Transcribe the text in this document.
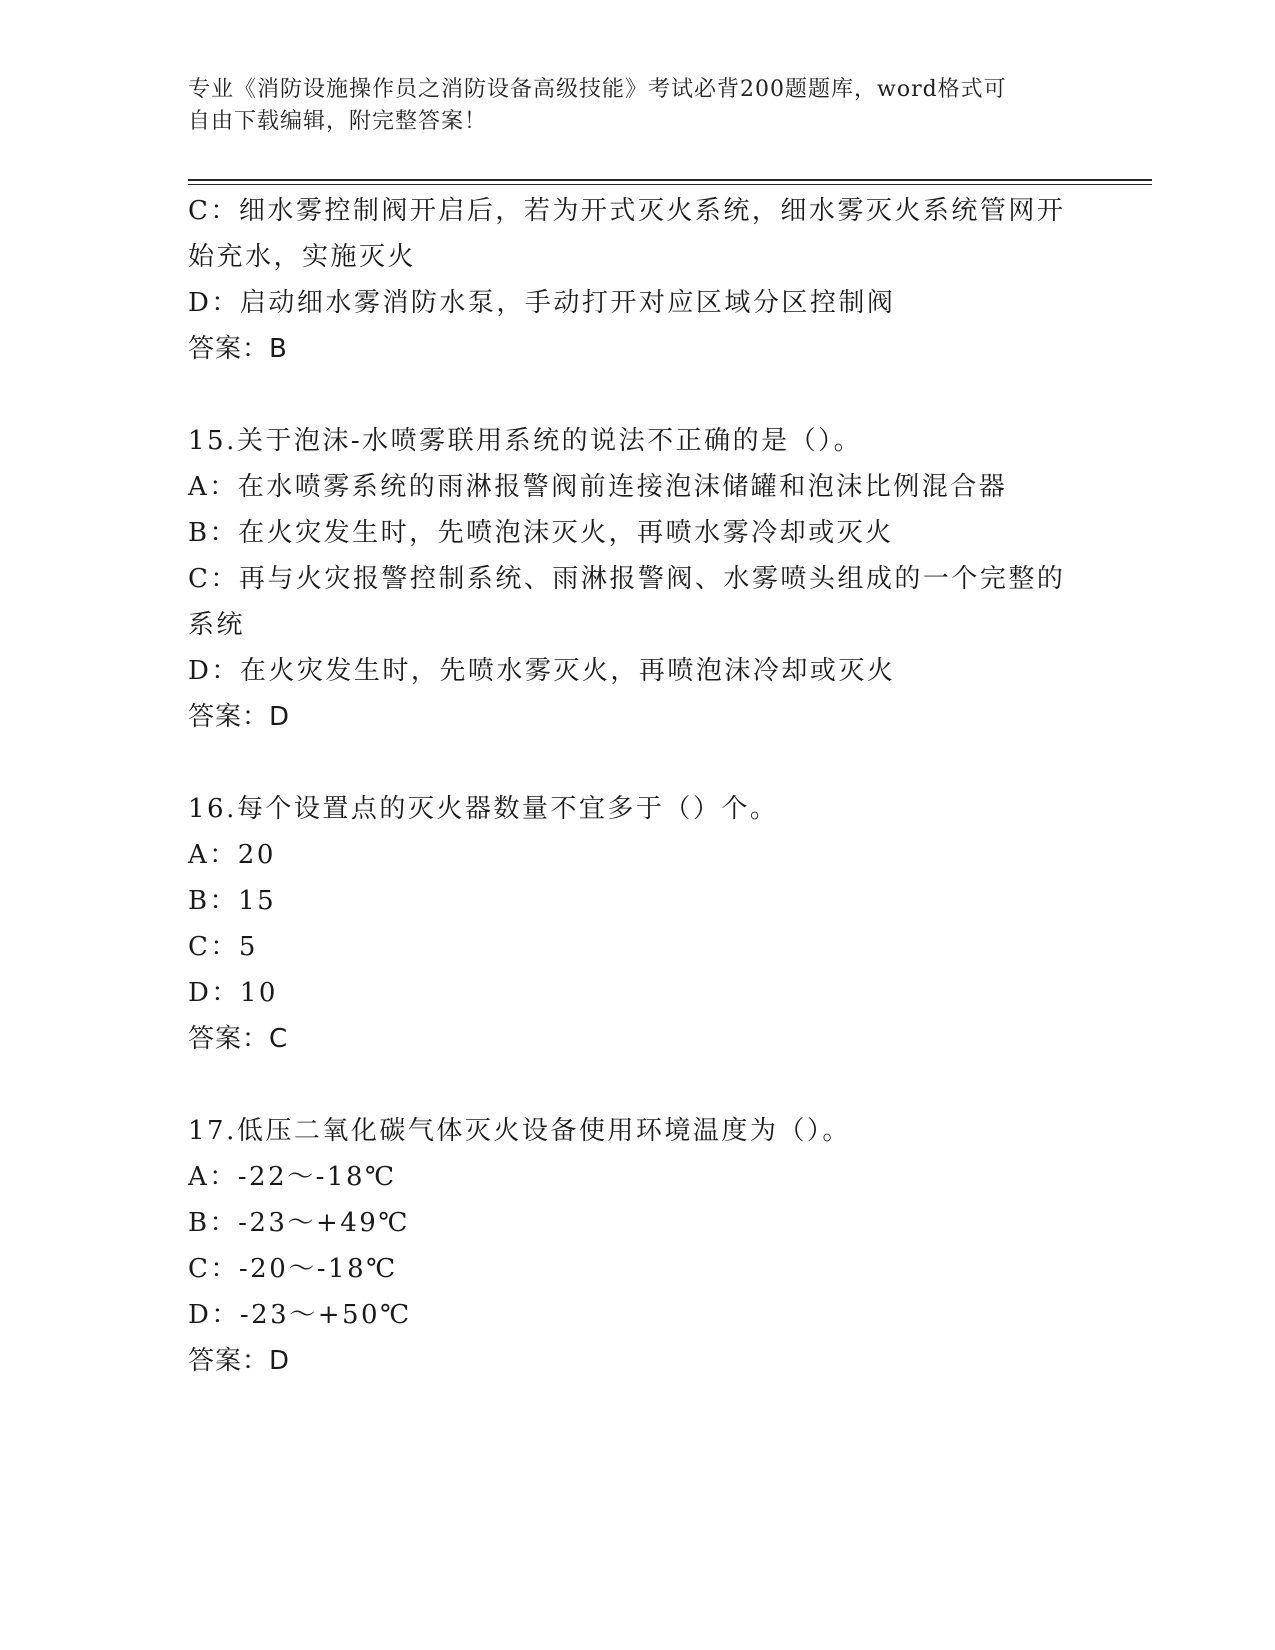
专业《消防设施操作员之消防设备高级技能》考试必背200题题库，word格式可
自由下载编辑，附完整答案！
C：细水雾控制阀开启后，若为开式灭火系统，细水雾灭火系统管网开
始充水，实施灭火
D：启动细水雾消防水泵，手动打开对应区域分区控制阀
答案：B
15.关于泡沫-水喷雾联用系统的说法不正确的是（）。
A：在水喷雾系统的雨淋报警阀前连接泡沫储罐和泡沫比例混合器
B：在火灾发生时，先喷泡沫灭火，再喷水雾冷却或灭火
C：再与火灾报警控制系统、雨淋报警阀、水雾喷头组成的一个完整的
系统
D：在火灾发生时，先喷水雾灭火，再喷泡沫冷却或灭火
答案：D
16.每个设置点的灭火器数量不宜多于（）个。
A：20
B：15
C：5
D：10
答案：C
17.低压二氧化碳气体灭火设备使用环境温度为（）。
A：-22～-18℃
B：-23～+49℃
C：-20～-18℃
D：-23～+50℃
答案：D
